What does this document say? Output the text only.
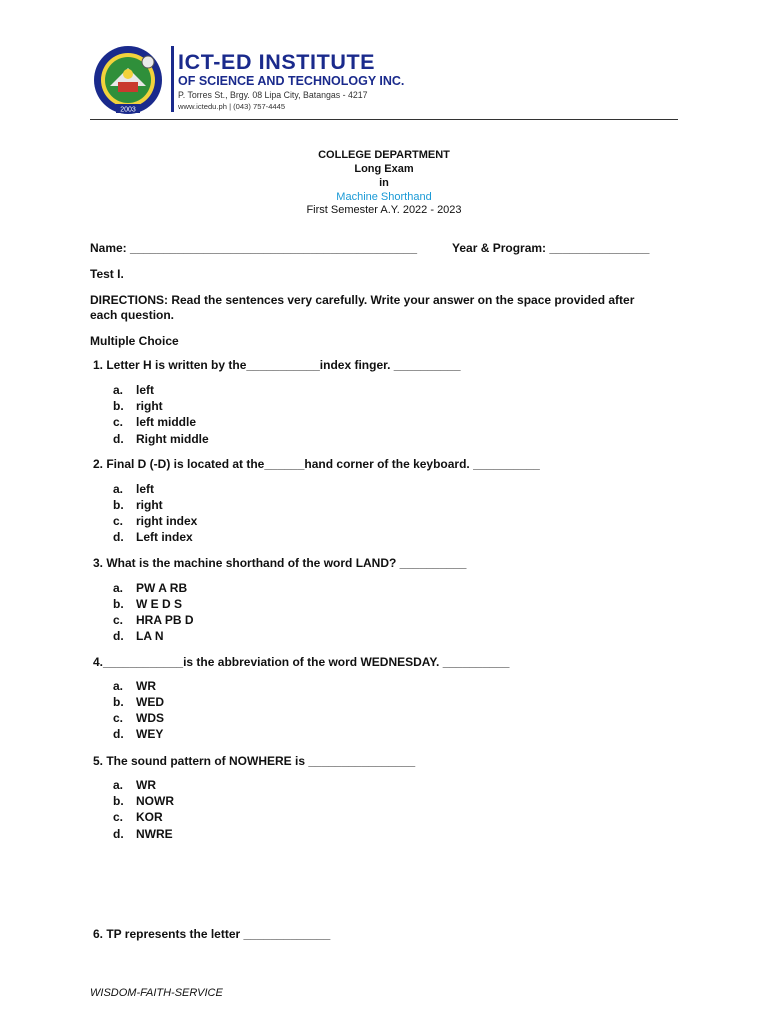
2003
ICT-ED INSTITUTE
OF SCIENCE AND TECHNOLOGY INC.
P. Torres St., Brgy. 08 Lipa City, Batangas - 4217
www.ictedu.ph | (043) 757-4445
COLLEGE DEPARTMENT
Long Exam
in
Machine Shorthand
First Semester A.Y. 2022 - 2023
Name: ___________________________________________	Year & Program: _______________
Test I.
DIRECTIONS: Read the sentences very carefully. Write your answer on the space provided after
each question.
Multiple Choice
1. Letter H is written by the___________index finger. __________
a. left
b. right
c. left middle
d. Right middle
2. Final D (-D) is located at the______hand corner of the keyboard. __________
a. left
b. right
c. right index
d. Left index
3. What is the machine shorthand of the word LAND? __________
a. PW A RB
b. W E D S
c. HRA PB D
d. LA N
4.____________is the abbreviation of the word WEDNESDAY. __________
a. WR
b. WED
c. WDS
d. WEY
5. The sound pattern of NOWHERE is ________________
a. WR
b. NOWR
c. KOR
d. NWRE
6. TP represents the letter _____________
WISDOM-FAITH-SERVICE
